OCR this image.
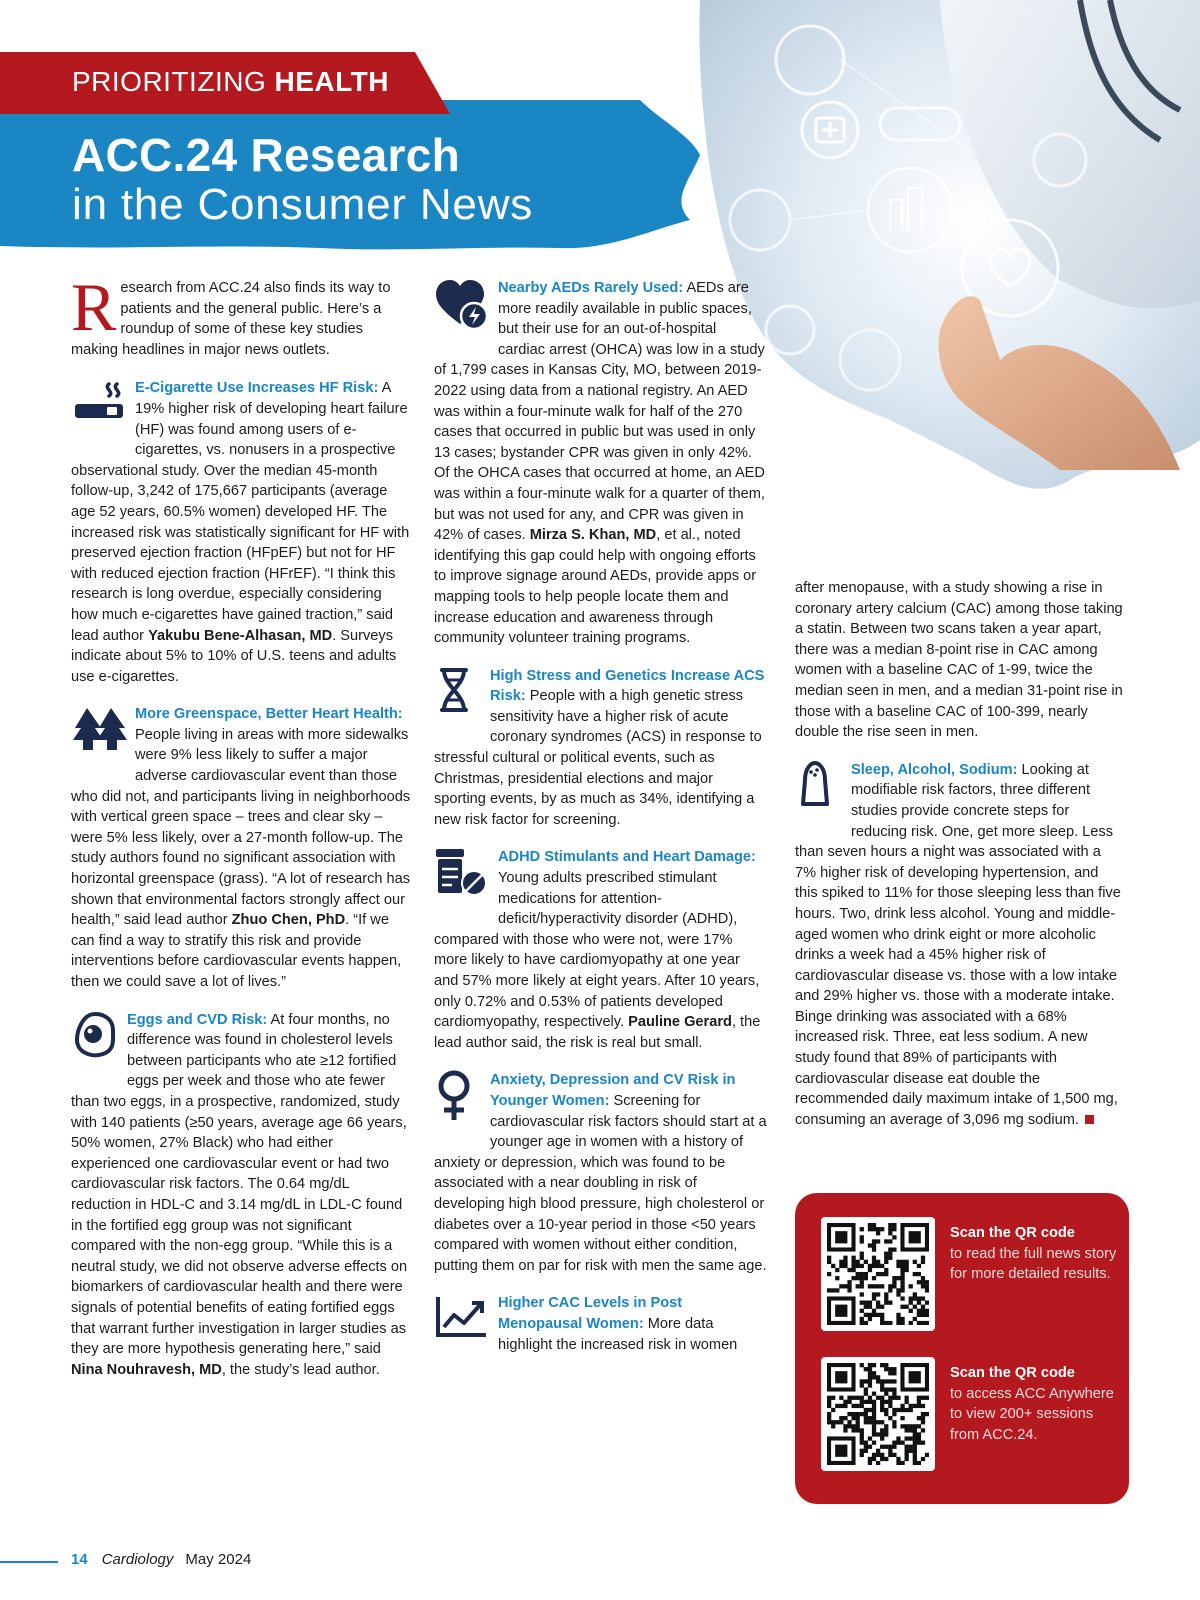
PRIORITIZING HEALTH
ACC.24 Research
in the Consumer News

Research from ACC.24 also finds its way to patients and the general public. Here’s a roundup of some of these key studies making headlines in major news outlets.

E-Cigarette Use Increases HF Risk: A 19% higher risk of developing heart failure (HF) was found among users of e-cigarettes, vs. nonusers in a prospective observational study. Over the median 45-month follow-up, 3,242 of 175,667 participants (average age 52 years, 60.5% women) developed HF. The increased risk was statistically significant for HF with preserved ejection fraction (HFpEF) but not for HF with reduced ejection fraction (HFrEF). “I think this research is long overdue, especially considering how much e-cigarettes have gained traction,” said lead author Yakubu Bene-Alhasan, MD. Surveys indicate about 5% to 10% of U.S. teens and adults use e-cigarettes.

More Greenspace, Better Heart Health: People living in areas with more sidewalks were 9% less likely to suffer a major adverse cardiovascular event than those who did not, and participants living in neighborhoods with vertical green space – trees and clear sky – were 5% less likely, over a 27-month follow-up. The study authors found no significant association with horizontal greenspace (grass). “A lot of research has shown that environmental factors strongly affect our health,” said lead author Zhuo Chen, PhD. “If we can find a way to stratify this risk and provide interventions before cardiovascular events happen, then we could save a lot of lives.”

Eggs and CVD Risk: At four months, no difference was found in cholesterol levels between participants who ate ≥12 fortified eggs per week and those who ate fewer than two eggs, in a prospective, randomized, study with 140 patients (≥50 years, average age 66 years, 50% women, 27% Black) who had either experienced one cardiovascular event or had two cardiovascular risk factors. The 0.64 mg/dL reduction in HDL-C and 3.14 mg/dL in LDL-C found in the fortified egg group was not significant compared with the non-egg group. “While this is a neutral study, we did not observe adverse effects on biomarkers of cardiovascular health and there were signals of potential benefits of eating fortified eggs that warrant further investigation in larger studies as they are more hypothesis generating here,” said Nina Nouhravesh, MD, the study’s lead author.

Nearby AEDs Rarely Used: AEDs are more readily available in public spaces, but their use for an out-of-hospital cardiac arrest (OHCA) was low in a study of 1,799 cases in Kansas City, MO, between 2019-2022 using data from a national registry. An AED was within a four-minute walk for half of the 270 cases that occurred in public but was used in only 13 cases; bystander CPR was given in only 42%. Of the OHCA cases that occurred at home, an AED was within a four-minute walk for a quarter of them, but was not used for any, and CPR was given in 42% of cases. Mirza S. Khan, MD, et al., noted identifying this gap could help with ongoing efforts to improve signage around AEDs, provide apps or mapping tools to help people locate them and increase education and awareness through community volunteer training programs.

High Stress and Genetics Increase ACS Risk: People with a high genetic stress sensitivity have a higher risk of acute coronary syndromes (ACS) in response to stressful cultural or political events, such as Christmas, presidential elections and major sporting events, by as much as 34%, identifying a new risk factor for screening.

ADHD Stimulants and Heart Damage: Young adults prescribed stimulant medications for attention-deficit/hyperactivity disorder (ADHD), compared with those who were not, were 17% more likely to have cardiomyopathy at one year and 57% more likely at eight years. After 10 years, only 0.72% and 0.53% of patients developed cardiomyopathy, respectively. Pauline Gerard, the lead author said, the risk is real but small.

Anxiety, Depression and CV Risk in Younger Women: Screening for cardiovascular risk factors should start at a younger age in women with a history of anxiety or depression, which was found to be associated with a near doubling in risk of developing high blood pressure, high cholesterol or diabetes over a 10-year period in those <50 years compared with women without either condition, putting them on par for risk with men the same age.

Higher CAC Levels in Post Menopausal Women: More data highlight the increased risk in women

after menopause, with a study showing a rise in coronary artery calcium (CAC) among those taking a statin. Between two scans taken a year apart, there was a median 8-point rise in CAC among women with a baseline CAC of 1-99, twice the median seen in men, and a median 31-point rise in those with a baseline CAC of 100-399, nearly double the rise seen in men.

Sleep, Alcohol, Sodium: Looking at modifiable risk factors, three different studies provide concrete steps for reducing risk. One, get more sleep. Less than seven hours a night was associated with a 7% higher risk of developing hypertension, and this spiked to 11% for those sleeping less than five hours. Two, drink less alcohol. Young and middle-aged women who drink eight or more alcoholic drinks a week had a 45% higher risk of cardiovascular disease vs. those with a low intake and 29% higher vs. those with a moderate intake. Binge drinking was associated with a 68% increased risk. Three, eat less sodium. A new study found that 89% of participants with cardiovascular disease eat double the recommended daily maximum intake of 1,500 mg, consuming an average of 3,096 mg sodium.

Scan the QR code
to read the full news story for more detailed results.
Scan the QR code
to access ACC Anywhere to view 200+ sessions from ACC.24.
14 Cardiology May 2024
